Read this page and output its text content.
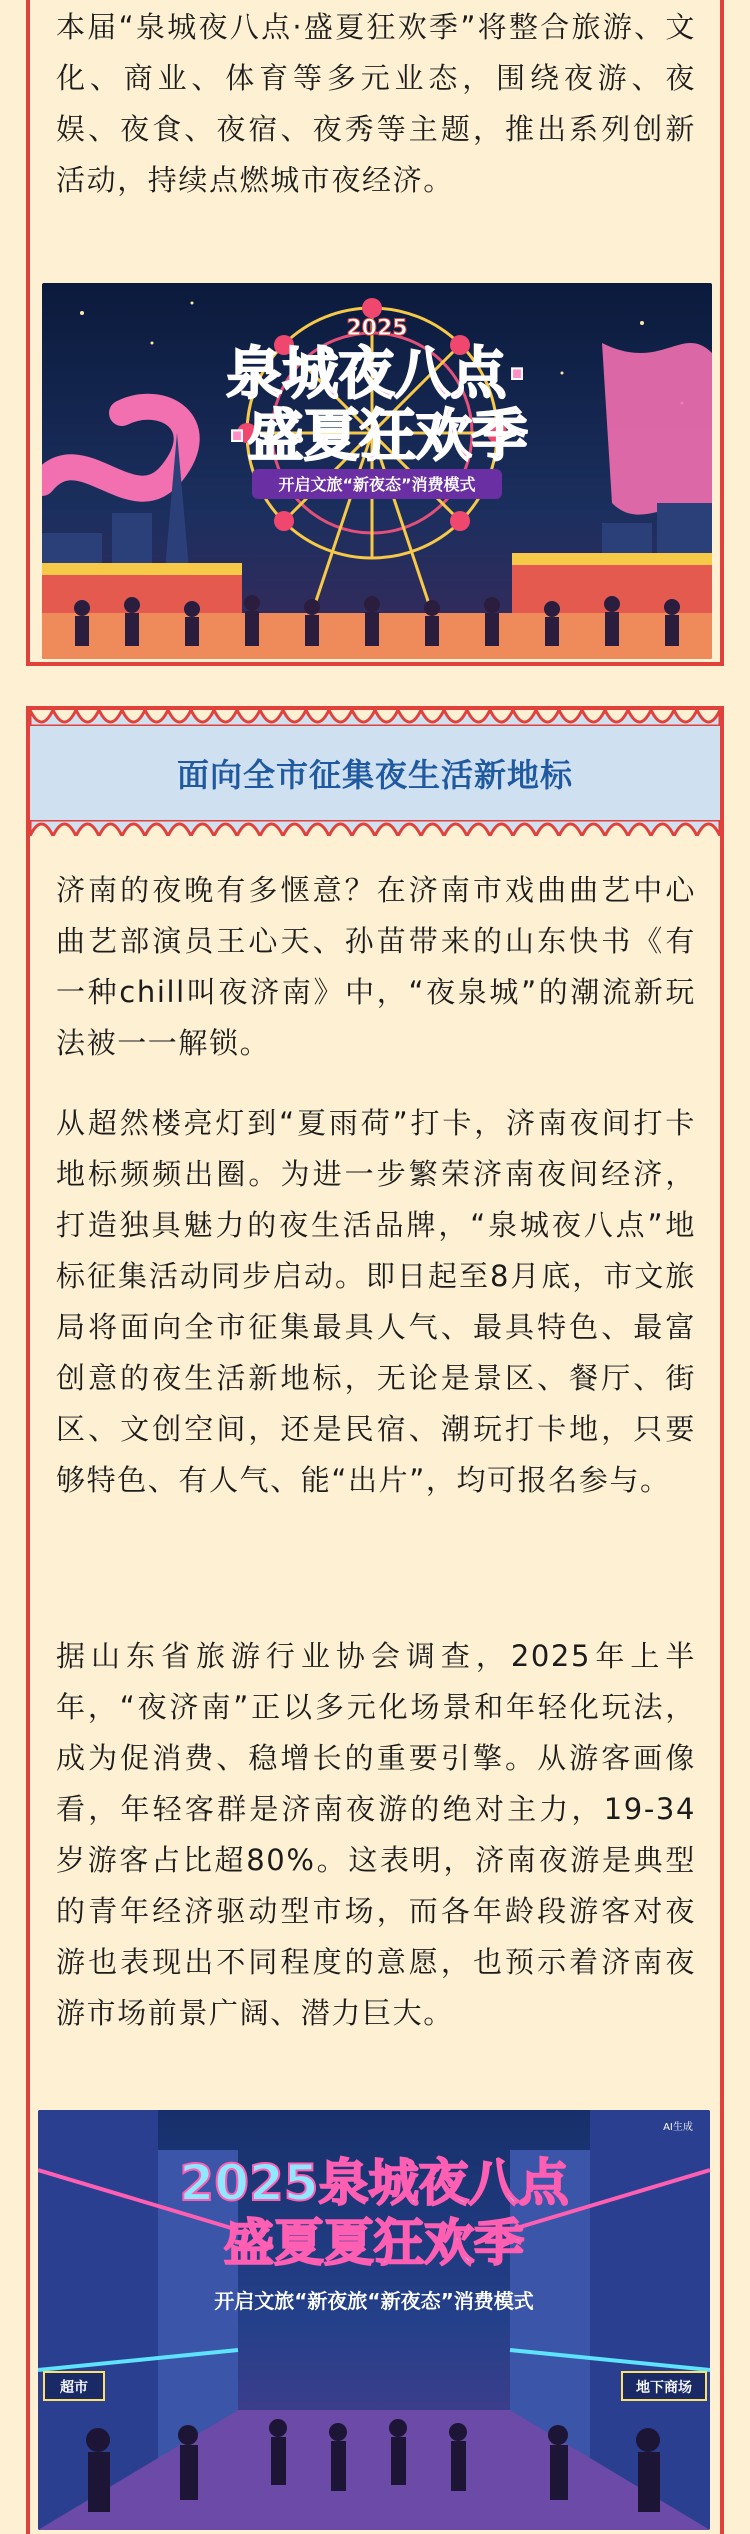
本届“泉城夜八点·盛夏狂欢季”将整合旅游、文化、商业、体育等多元业态，围绕夜游、夜娱、夜食、夜宿、夜秀等主题，推出系列创新活动，持续点燃城市夜经济。

2025
泉城夜八点·
·盛夏狂欢季
开启文旅“新夜态”消费模式
面向全市征集夜生活新地标

济南的夜晚有多惬意？在济南市戏曲曲艺中心曲艺部演员王心天、孙苗带来的山东快书《有一种chill叫夜济南》中，“夜泉城”的潮流新玩法被一一解锁。

从超然楼亮灯到“夏雨荷”打卡，济南夜间打卡地标频频出圈。为进一步繁荣济南夜间经济，打造独具魅力的夜生活品牌，“泉城夜八点”地标征集活动同步启动。即日起至8月底，市文旅局将面向全市征集最具人气、最具特色、最富创意的夜生活新地标，无论是景区、餐厅、街区、文创空间，还是民宿、潮玩打卡地，只要够特色、有人气、能“出片”，均可报名参与。

据山东省旅游行业协会调查，2025年上半年，“夜济南”正以多元化场景和年轻化玩法，成为促消费、稳增长的重要引擎。从游客画像看，年轻客群是济南夜游的绝对主力，19-34岁游客占比超80%。这表明，济南夜游是典型的青年经济驱动型市场，而各年龄段游客对夜游也表现出不同程度的意愿，也预示着济南夜游市场前景广阔、潜力巨大。

AI生成
2025泉城夜八点
盛夏夏狂欢季
开启文旅“新夜旅“新夜态”消费模式
超市	地下商场
